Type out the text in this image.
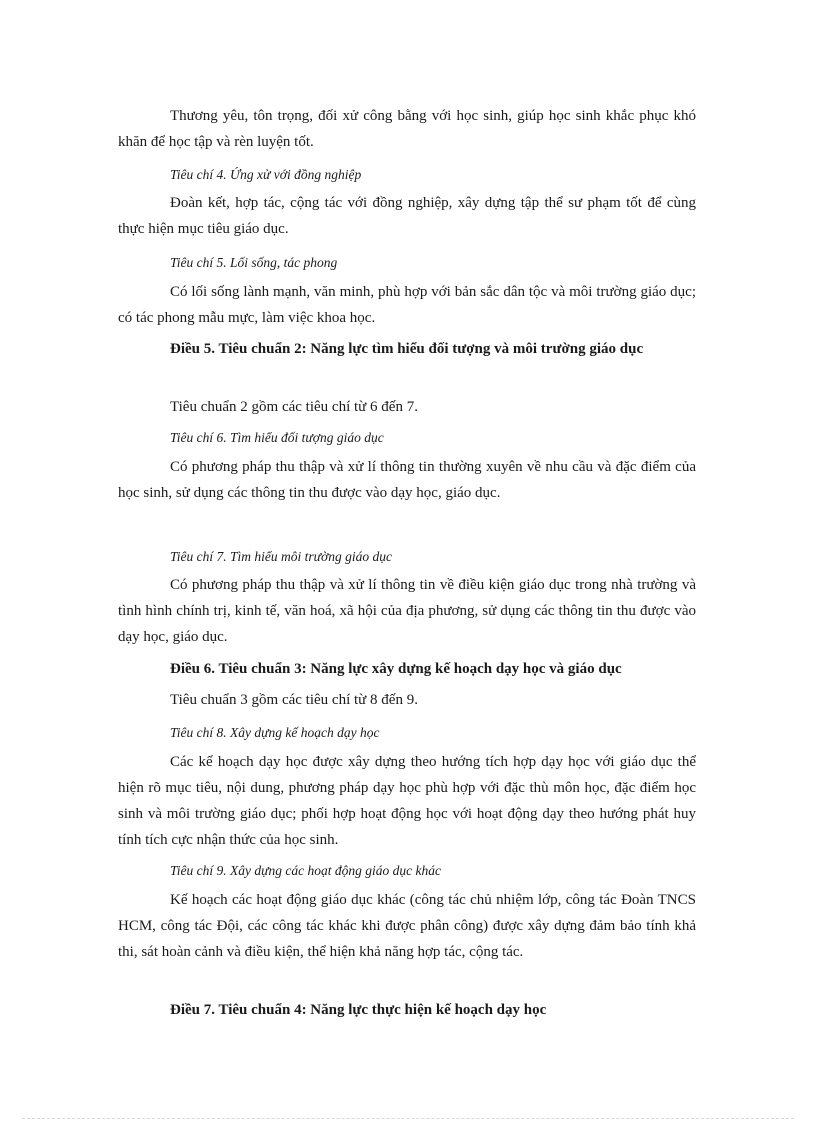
Thương yêu, tôn trọng, đối xử công bằng với học sinh, giúp học sinh khắc phục khó khăn để học tập và rèn luyện tốt.

Tiêu chí 4. Ứng xử với đồng nghiệp

Đoàn kết, hợp tác, cộng tác với đồng nghiệp, xây dựng tập thể sư phạm tốt để cùng thực hiện mục tiêu giáo dục.

Tiêu chí 5. Lối sống, tác phong

Có lối sống lành mạnh, văn minh, phù hợp với bản sắc dân tộc và môi trường giáo dục; có tác phong mẫu mực, làm việc khoa học.

Điều 5. Tiêu chuẩn 2: Năng lực tìm hiểu đối tượng và môi trường giáo dục

Tiêu chuẩn 2 gồm các tiêu chí từ 6 đến 7.

Tiêu chí 6. Tìm hiểu đối tượng giáo dục

Có phương pháp thu thập và xử lí thông tin thường xuyên về nhu cầu và đặc điểm của học sinh, sử dụng các thông tin thu được vào dạy học, giáo dục.

Tiêu chí 7. Tìm hiểu môi trường giáo dục

Có phương pháp thu thập và xử lí thông tin về điều kiện giáo dục trong nhà trường và tình hình chính trị, kinh tế, văn hoá, xã hội của địa phương, sử dụng các thông tin thu được vào dạy học, giáo dục.

Điều 6. Tiêu chuẩn 3: Năng lực xây dựng kế hoạch dạy học và giáo dục

Tiêu chuẩn 3 gồm các tiêu chí từ 8 đến 9.

Tiêu chí 8. Xây dựng kế hoạch dạy học

Các kế hoạch dạy học được xây dựng theo hướng tích hợp dạy học với giáo dục thể hiện rõ mục tiêu, nội dung, phương pháp dạy học phù hợp với đặc thù môn học, đặc điểm học sinh và môi trường giáo dục; phối hợp hoạt động học với hoạt động dạy theo hướng phát huy tính tích cực nhận thức của học sinh.

Tiêu chí 9. Xây dựng các hoạt động giáo dục khác

Kế hoạch các hoạt động giáo dục khác (công tác chủ nhiệm lớp, công tác Đoàn TNCS HCM, công tác Đội, các công tác khác khi được phân công) được xây dựng đảm bảo tính khả thi, sát hoàn cảnh và điều kiện, thể hiện khả năng hợp tác, cộng tác.

Điều 7. Tiêu chuẩn 4: Năng lực thực hiện kế hoạch dạy học
